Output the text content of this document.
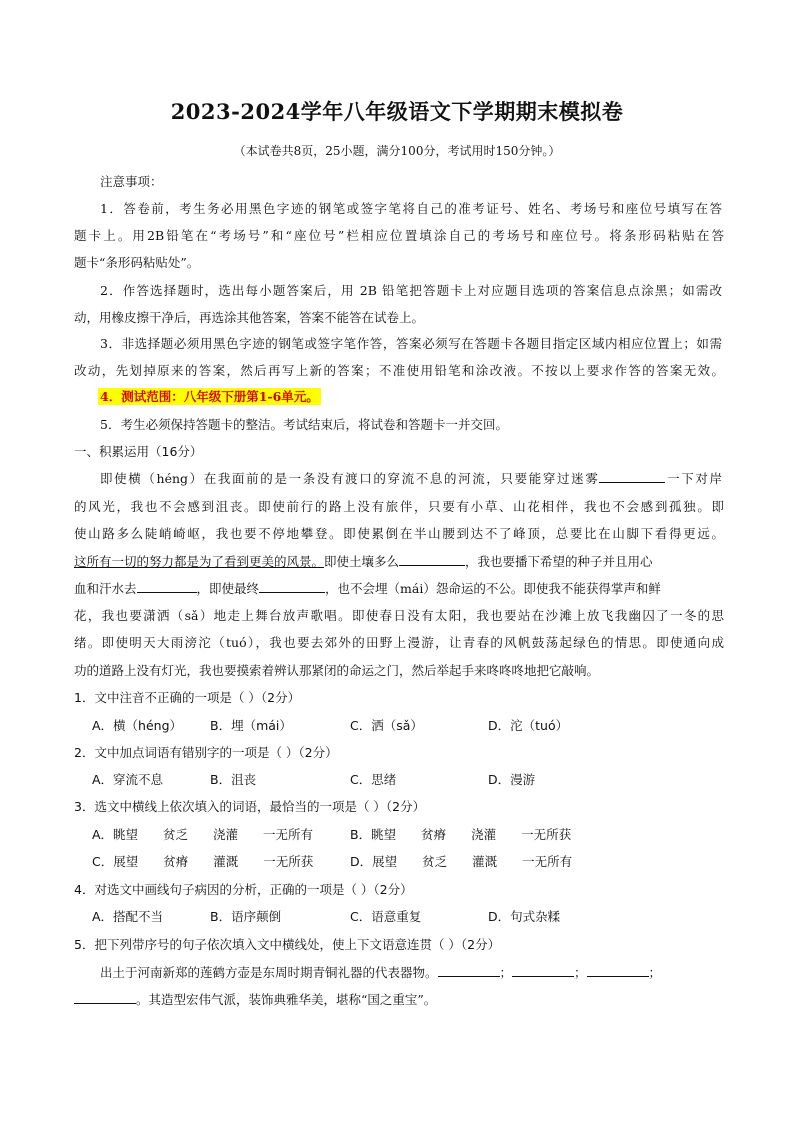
2023-2024学年八年级语文下学期期末模拟卷
（本试卷共8页，25小题，满分100分，考试用时150分钟。）
注意事项：
1．答卷前，考生务必用黑色字迹的钢笔或签字笔将自己的准考证号、姓名、考场号和座位号填写在答
题卡上。用2B铅笔在“考场号”和“座位号”栏相应位置填涂自己的考场号和座位号。将条形码粘贴在答
题卡“条形码粘贴处”。
2．作答选择题时，选出每小题答案后，用 2B 铅笔把答题卡上对应题目选项的答案信息点涂黑；如需改
动，用橡皮擦干净后，再选涂其他答案，答案不能答在试卷上。
3．非选择题必须用黑色字迹的钢笔或签字笔作答，答案必须写在答题卡各题目指定区域内相应位置上；如需
改动，先划掉原来的答案，然后再写上新的答案；不准使用铅笔和涂改液。不按以上要求作答的答案无效。
4．测试范围：八年级下册第1-6单元。
5．考生必须保持答题卡的整洁。考试结束后，将试卷和答题卡一并交回。
一、积累运用（16分）
即使横（héng）在我面前的是一条没有渡口的穿流不息的河流，只要能穿过迷雾	一下对岸
的风光，我也不会感到沮丧。即使前行的路上没有旅伴，只要有小草、山花相伴，我也不会感到孤独。即
使山路多么陡峭崎岖，我也要不停地攀登。即使累倒在半山腰到达不了峰顶，总要比在山脚下看得更远。
这所有一切的努力都是为了看到更美的风景。即使土壤多么	，我也要播下希望的种子并且用心
血和汗水去	，即使最终	，也不会埋（mái）怨命运的不公。即使我不能获得掌声和鲜
花，我也要潇洒（sǎ）地走上舞台放声歌唱。即使春日没有太阳，我也要站在沙滩上放飞我幽囚了一冬的思
绪。即使明天大雨滂沱（tuó），我也要去郊外的田野上漫游，让青春的风帆鼓荡起绿色的情思。即使通向成
功的道路上没有灯光，我也要摸索着辨认那紧闭的命运之门，然后举起手来咚咚咚地把它敲响。
1．文中注音不正确的一项是（ ）（2分）
A．横（héng） B．埋（mái）	C．洒（sǎ）	D．沱（tuó）
2．文中加点词语有错别字的一项是（ ）（2分）
A．穿流不息	B．沮丧	C．思绪	D．漫游
3．选文中横线上依次填入的词语，最恰当的一项是（ ）（2分）
A．眺望　　贫乏　　浇灌　　一无所有	B．眺望　　贫瘠　　浇灌　　一无所获
C．展望　　贫瘠　　灌溉　　一无所获	D．展望　　贫乏　　灌溉　　一无所有
4．对选文中画线句子病因的分析，正确的一项是（ ）（2分）
A．搭配不当	B．语序颠倒	C．语意重复	D．句式杂糅
5．把下列带序号的句子依次填入文中横线处，使上下文语意连贯（ ）（2分）
出土于河南新郑的莲鹤方壶是东周时期青铜礼器的代表器物。	；	；	；
。其造型宏伟气派，装饰典雅华美，堪称“国之重宝”。
